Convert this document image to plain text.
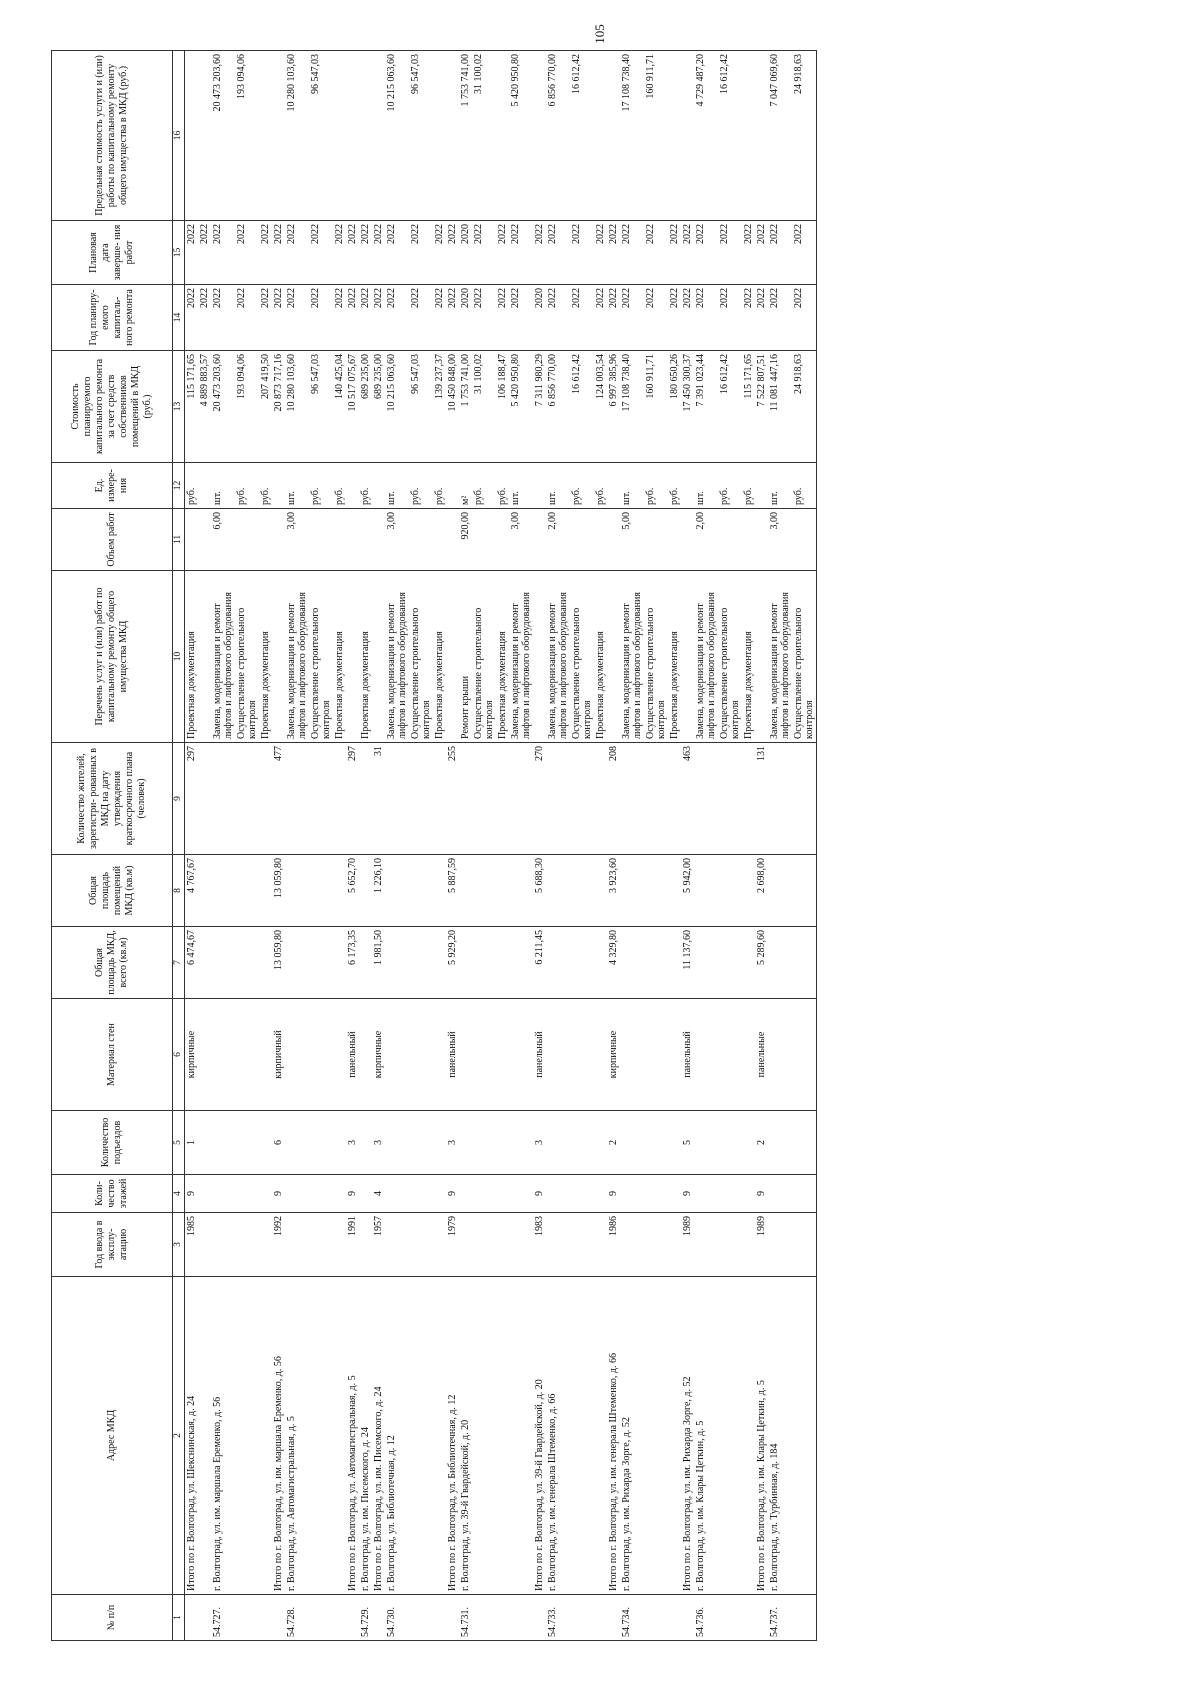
105
№ п/п	Адрес МКД	Год ввода в эксплу- атацию	Коли- чество этажей	Количество подъездов	Материал стен	Общая площадь МКД, всего (кв.м)	Общая площадь помещений МКД (кв.м)	Количество жителей, зарегистри- рованных в МКД на дату утверждения краткосрочного плана (человек)	Перечень услуг и (или) работ по капитальному ремонту общего имущества МКД	Объем работ	Ед. измере- ния	Стоимость планируемого капитального ремонта за счет средств собственников помещений в МКД (руб.)	Год планиру- емого капиталь- ного ремонта	Плановая дата заверше- ния работ	Предельная стоимость услуги и (или) работы по капитальному ремонту общего имущества в МКД (руб.)
1	2	3	4	5	6	7	8	9	10	11	12	13	14	15	16
	Итого по г. Волгоград, ул. Шекснинская, д. 24	1985	9	1	кирпичные	6 474,67	4 767,67	297	Проектная документация		руб.	115 171,65	2022	2022	
												4 889 883,57	2022	2022	
54.727.	г. Волгоград, ул. им. маршала Еременко, д. 56								Замена, модернизация и ремонт лифтов и лифтового оборудования	6,00	шт.	20 473 203,60	2022	2022	20 473 203,60
									Осуществление строительного контроля		руб.	193 094,06	2022	2022	193 094,06
									Проектная документация		руб.	207 419,50	2022	2022	
	Итого по г. Волгоград, ул. им. маршала Еременко, д. 56	1992	9	6	кирпичный	13 059,80	13 059,80	477				20 873 717,16	2022	2022	
54.728.	г. Волгоград, ул. Автомагистральная, д. 5								Замена, модернизация и ремонт лифтов и лифтового оборудования	3,00	шт.	10 280 103,60	2022	2022	10 280 103,60
									Осуществление строительного контроля		руб.	96 547,03	2022	2022	96 547,03
									Проектная документация		руб.	140 425,04	2022	2022	
	Итого по г. Волгоград, ул. Автомагистральная, д. 5	1991	9	3	панельный	6 173,35	5 652,70	297				10 517 075,67	2022	2022	
54.729.	г. Волгоград, ул. им. Писемского, д. 24								Проектная документация		руб.	689 235,00	2022	2022	
	Итого по г. Волгоград, ул. им. Писемского, д. 24	1957	4	3	кирпичные	1 981,50	1 226,10	31				689 235,00	2022	2022	
54.730.	г. Волгоград, ул. Библиотечная, д. 12								Замена, модернизация и ремонт лифтов и лифтового оборудования	3,00	шт.	10 215 063,60	2022	2022	10 215 063,60
									Осуществление строительного контроля		руб.	96 547,03	2022	2022	96 547,03
									Проектная документация		руб.	139 237,37	2022	2022	
	Итого по г. Волгоград, ул. Библиотечная, д. 12	1979	9	3	панельный	5 929,20	5 887,59	255				10 450 848,00	2022	2022	
54.731.	г. Волгоград, ул. 39-й Гвардейской, д. 20								Ремонт крыши	920,00	м²	1 753 741,00	2020	2020	1 753 741,00
									Осуществление строительного контроля		руб.	31 100,02	2022	2022	31 100,02
									Проектная документация		руб.	106 188,47	2022	2022	
									Замена, модернизация и ремонт лифтов и лифтового оборудования	3,00	шт.	5 420 950,80	2022	2022	5 420 950,80
	Итого по г. Волгоград, ул. 39-й Гвардейской, д. 20	1983	9	3	панельный	6 211,45	5 688,30	270				7 311 980,29	2020	2022	
54.733.	г. Волгоград, ул. им. генерала Штеменко, д. 66								Замена, модернизация и ремонт лифтов и лифтового оборудования	2,00	шт.	6 856 770,00	2022	2022	6 856 770,00
									Осуществление строительного контроля		руб.	16 612,42	2022	2022	16 612,42
									Проектная документация		руб.	124 003,54	2022	2022	
	Итого по г. Волгоград, ул. им. генерала Штеменко, д. 66	1986	9	2	кирпичные	4 329,80	3 923,60	208				6 997 385,96	2022	2022	
54.734.	г. Волгоград, ул. им. Рихарда Зорге, д. 52								Замена, модернизация и ремонт лифтов и лифтового оборудования	5,00	шт.	17 108 738,40	2022	2022	17 108 738,40
									Осуществление строительного контроля		руб.	160 911,71	2022	2022	160 911,71
									Проектная документация		руб.	180 650,26	2022	2022	
	Итого по г. Волгоград, ул. им. Рихарда Зорге, д. 52	1989	9	5	панельный	11 137,60	5 942,00	463				17 450 300,37	2022	2022	
54.736.	г. Волгоград, ул. им. Клары Цеткин, д. 5								Замена, модернизация и ремонт лифтов и лифтового оборудования	2,00	шт.	7 391 023,44	2022	2022	4 729 487,20
									Осуществление строительного контроля		руб.	16 612,42	2022	2022	16 612,42
									Проектная документация		руб.	115 171,65	2022	2022	
	Итого по г. Волгоград, ул. им. Клары Цеткин, д. 5	1989	9	2	панельные	5 289,60	2 698,00	131				7 522 807,51	2022	2022	
54.737.	г. Волгоград, ул. Турбинная, д. 184								Замена, модернизация и ремонт лифтов и лифтового оборудования	3,00	шт.	11 081 447,16	2022	2022	7 047 069,60
									Осуществление строительного контроля		руб.	24 918,63	2022	2022	24 918,63
